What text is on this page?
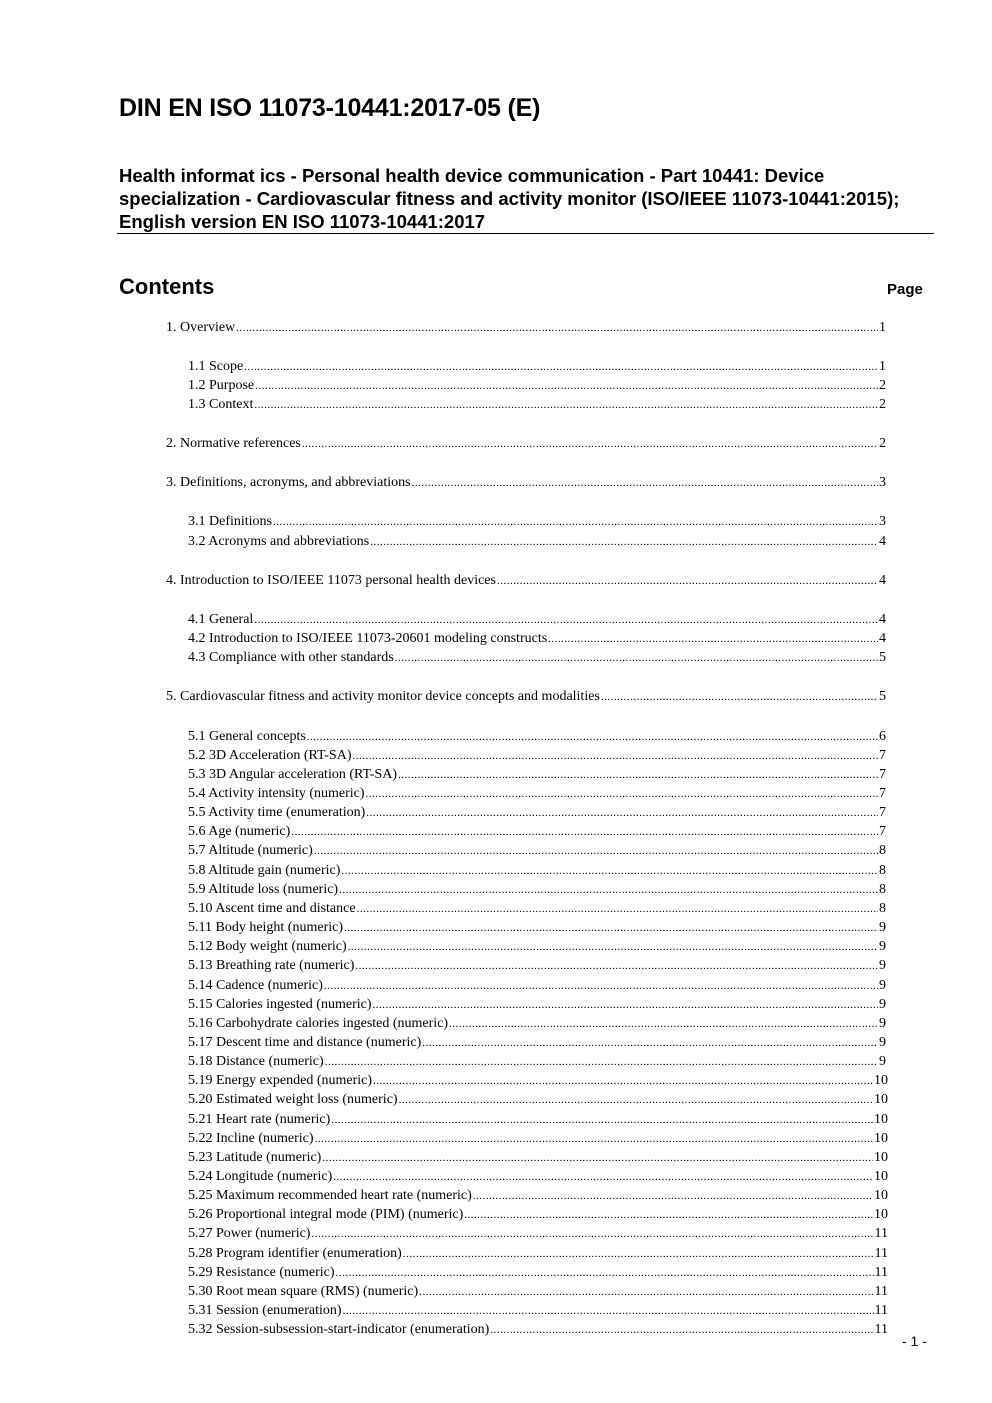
DIN EN ISO 11073-10441:2017-05 (E)
Health informat ics - Personal health device communication - Part 10441: Device specialization - Cardiovascular fitness and activity monitor (ISO/IEEE 11073-10441:2015); English version EN ISO 11073-10441:2017
Contents	Page
1. Overview .....	1
1.1 Scope .....	1
1.2 Purpose .....	2
1.3 Context .....	2
2. Normative references .....	2
3. Definitions, acronyms, and abbreviations .....	3
3.1 Definitions .....	3
3.2 Acronyms and abbreviations .....	4
4. Introduction to ISO/IEEE 11073 personal health devices .....	4
4.1 General .....	4
4.2 Introduction to ISO/IEEE 11073-20601 modeling constructs .....	4
4.3 Compliance with other standards .....	5
5. Cardiovascular fitness and activity monitor device concepts and modalities .....	5
5.1 General concepts .....	6
5.2 3D Acceleration (RT-SA) .....	7
5.3 3D Angular acceleration (RT-SA) .....	7
5.4 Activity intensity (numeric) .....	7
5.5 Activity time (enumeration) .....	7
5.6 Age (numeric) .....	7
5.7 Altitude (numeric) .....	8
5.8 Altitude gain (numeric) .....	8
5.9 Altitude loss (numeric) .....	8
5.10 Ascent time and distance .....	8
5.11 Body height (numeric) .....	9
5.12 Body weight (numeric) .....	9
5.13 Breathing rate (numeric) .....	9
5.14 Cadence (numeric) .....	9
5.15 Calories ingested (numeric) .....	9
5.16 Carbohydrate calories ingested (numeric) .....	9
5.17 Descent time and distance (numeric) .....	9
5.18 Distance (numeric) .....	9
5.19 Energy expended (numeric) .....	10
5.20 Estimated weight loss (numeric) .....	10
5.21 Heart rate (numeric) .....	10
5.22 Incline (numeric) .....	10
5.23 Latitude (numeric) .....	10
5.24 Longitude (numeric) .....	10
5.25 Maximum recommended heart rate (numeric) .....	10
5.26 Proportional integral mode (PIM) (numeric) .....	10
5.27 Power (numeric) .....	11
5.28 Program identifier (enumeration) .....	11
5.29 Resistance (numeric) .....	11
5.30 Root mean square (RMS) (numeric) .....	11
5.31 Session (enumeration) .....	11
5.32 Session-subsession-start-indicator (enumeration) .....	11
- 1 -
